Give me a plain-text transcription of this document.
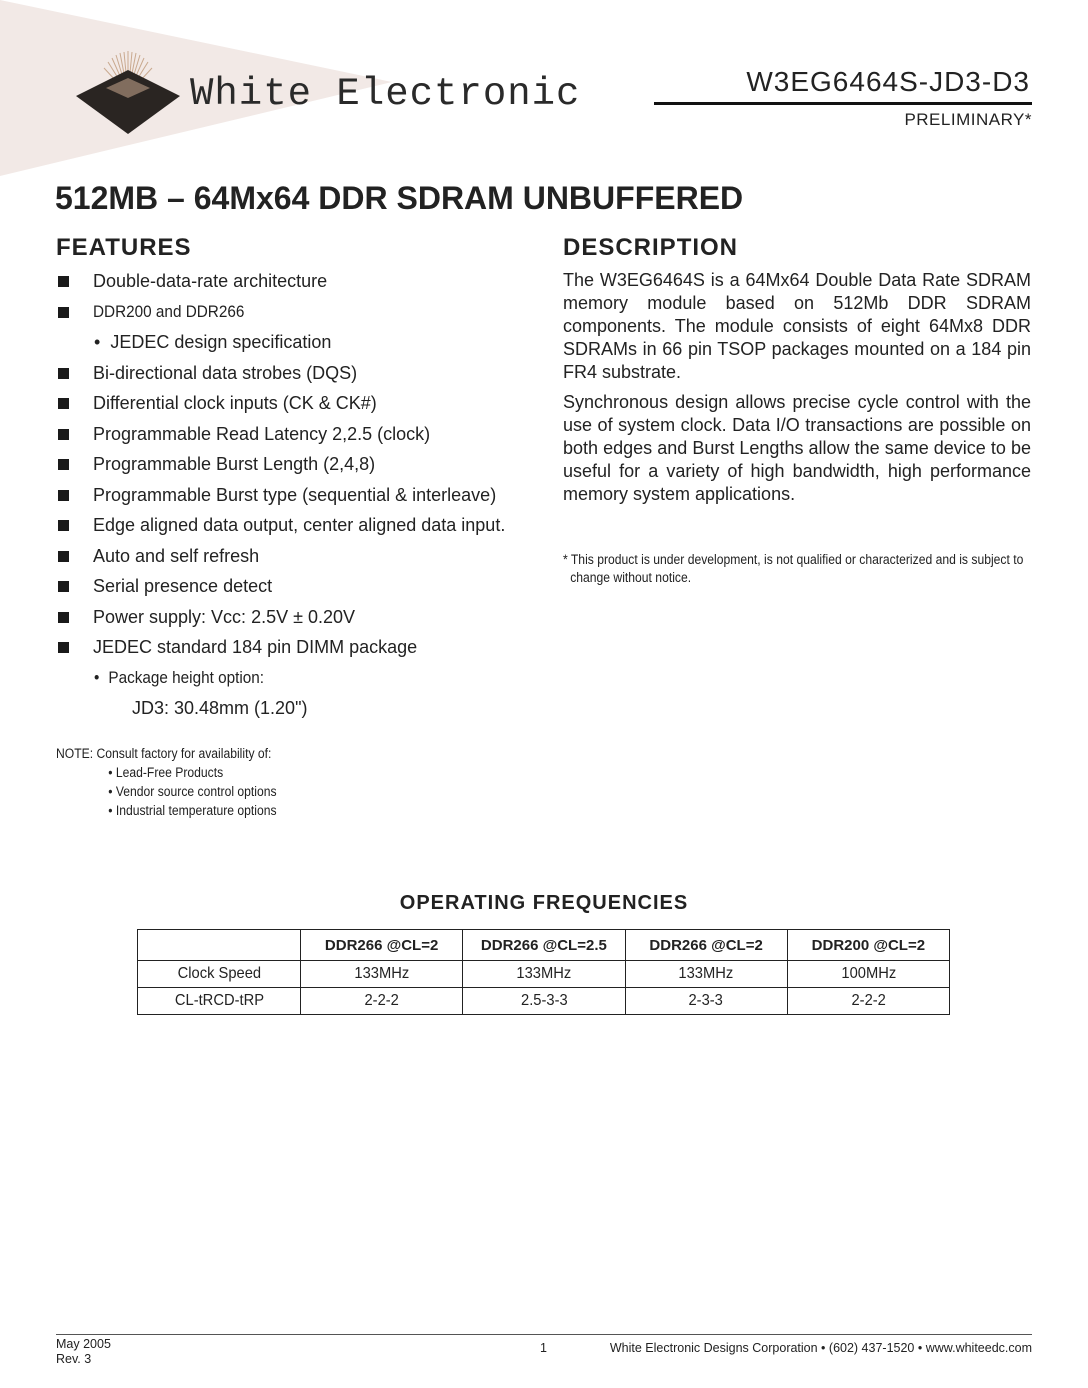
White Electronic	W3EG6464S-JD3-D3
PRELIMINARY*
512MB – 64Mx64 DDR SDRAM UNBUFFERED
FEATURES
Double-data-rate architecture
DDR200 and DDR266
• JEDEC design specification
Bi-directional data strobes (DQS)
Differential clock inputs (CK & CK#)
Programmable Read Latency 2,2.5 (clock)
Programmable Burst Length (2,4,8)
Programmable Burst type (sequential & interleave)
Edge aligned data output, center aligned data input.
Auto and self refresh
Serial presence detect
Power supply: Vcc: 2.5V ± 0.20V
JEDEC standard 184 pin DIMM package
• Package height option:
JD3: 30.48mm (1.20")
NOTE: Consult factory for availability of:
• Lead-Free Products
• Vendor source control options
• Industrial temperature options
DESCRIPTION

The W3EG6464S is a 64Mx64 Double Data Rate SDRAM memory module based on 512Mb DDR SDRAM components. The module consists of eight 64Mx8 DDR SDRAMs in 66 pin TSOP packages mounted on a 184 pin FR4 substrate.

Synchronous design allows precise cycle control with the use of system clock. Data I/O transactions are possible on both edges and Burst Lengths allow the same device to be useful for a variety of high bandwidth, high performance memory system applications.

* This product is under development, is not qualified or characterized and is subject to
change without notice.
OPERATING FREQUENCIES
	DDR266 @CL=2	DDR266 @CL=2.5	DDR266 @CL=2	DDR200 @CL=2
Clock Speed	133MHz	133MHz	133MHz	100MHz
CL-tRCD-tRP	2-2-2	2.5-3-3	2-3-3	2-2-2
May 2005
Rev. 3
1	White Electronic Designs Corporation • (602) 437-1520 • www.whiteedc.com
